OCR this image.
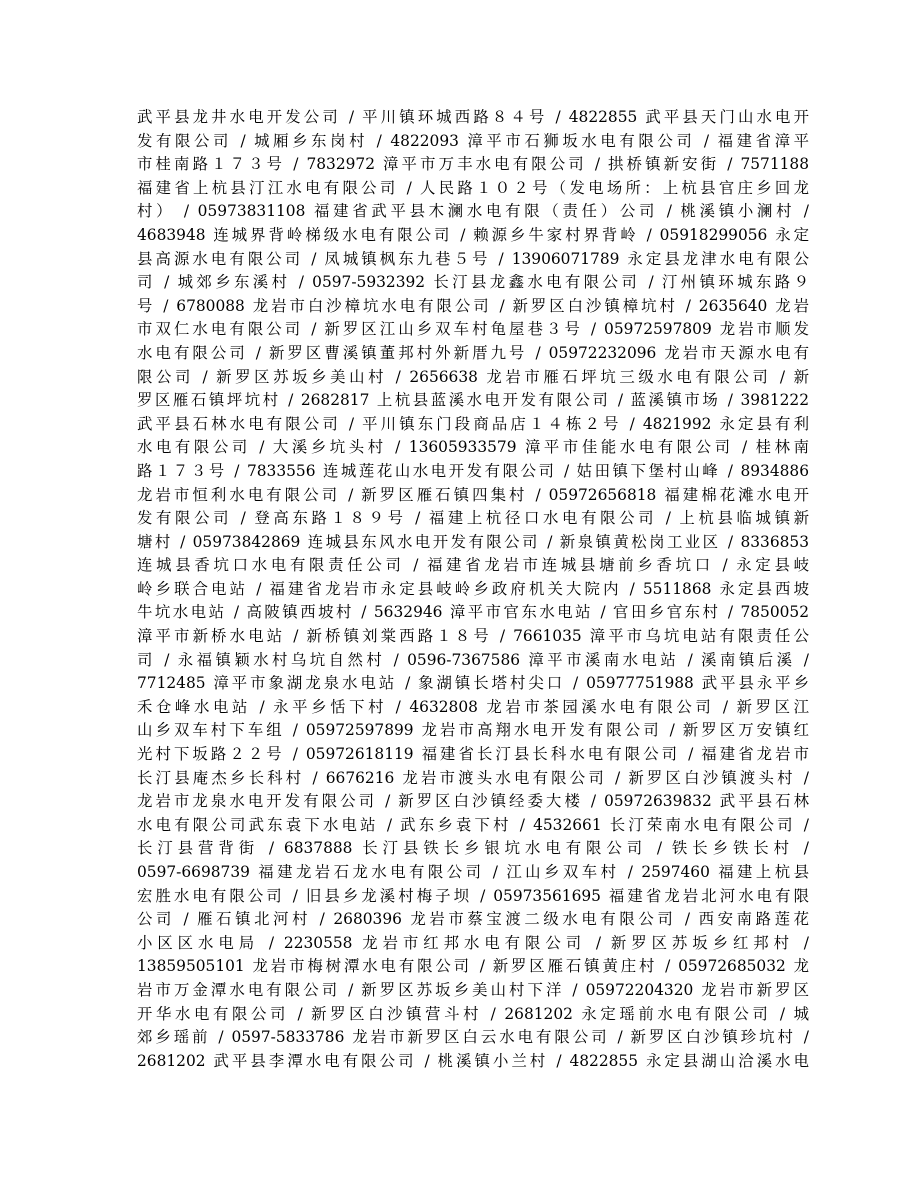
武平县龙井水电开发公司 / 平川镇环城西路８４号 / 4822855 武平县天门山水电开
发有限公司 / 城厢乡东岗村 / 4822093 漳平市石狮坂水电有限公司 / 福建省漳平
市桂南路１７３号 / 7832972 漳平市万丰水电有限公司 / 拱桥镇新安街 / 7571188
福建省上杭县汀江水电有限公司 / 人民路１０２号（发电场所：上杭县官庄乡回龙
村） / 05973831108 福建省武平县木澜水电有限（责任）公司 / 桃溪镇小澜村 /
4683948 连城界背岭梯级水电有限公司 / 赖源乡牛家村界背岭 / 05918299056 永定
县高源水电有限公司 / 凤城镇枫东九巷５号 / 13906071789 永定县龙津水电有限公
司 / 城郊乡东溪村 / 0597-5932392 长汀县龙鑫水电有限公司 / 汀州镇环城东路９
号 / 6780088 龙岩市白沙樟坑水电有限公司 / 新罗区白沙镇樟坑村 / 2635640 龙岩
市双仁水电有限公司 / 新罗区江山乡双车村龟屋巷３号 / 05972597809 龙岩市顺发
水电有限公司 / 新罗区曹溪镇董邦村外新厝九号 / 05972232096 龙岩市天源水电有
限公司 / 新罗区苏坂乡美山村 / 2656638 龙岩市雁石坪坑三级水电有限公司 / 新
罗区雁石镇坪坑村 / 2682817 上杭县蓝溪水电开发有限公司 / 蓝溪镇市场 / 3981222
武平县石林水电有限公司 / 平川镇东门段商品店１４栋２号 / 4821992 永定县有利
水电有限公司 / 大溪乡坑头村 / 13605933579 漳平市佳能水电有限公司 / 桂林南
路１７３号 / 7833556 连城莲花山水电开发有限公司 / 姑田镇下堡村山峰 / 8934886
龙岩市恒利水电有限公司 / 新罗区雁石镇四集村 / 05972656818 福建棉花滩水电开
发有限公司 / 登高东路１８９号 / 福建上杭径口水电有限公司 / 上杭县临城镇新
塘村 / 05973842869 连城县东风水电开发有限公司 / 新泉镇黄松岗工业区 / 8336853
连城县香坑口水电有限责任公司 / 福建省龙岩市连城县塘前乡香坑口 / 永定县岐
岭乡联合电站 / 福建省龙岩市永定县岐岭乡政府机关大院内 / 5511868 永定县西坡
牛坑水电站 / 高陂镇西坡村 / 5632946 漳平市官东水电站 / 官田乡官东村 / 7850052
漳平市新桥水电站 / 新桥镇刘棠西路１８号 / 7661035 漳平市乌坑电站有限责任公
司 / 永福镇颖水村乌坑自然村 / 0596-7367586 漳平市溪南水电站 / 溪南镇后溪 /
7712485 漳平市象湖龙泉水电站 / 象湖镇长塔村尖口 / 05977751988 武平县永平乡
禾仓峰水电站 / 永平乡恬下村 / 4632808 龙岩市茶园溪水电有限公司 / 新罗区江
山乡双车村下车组 / 05972597899 龙岩市高翔水电开发有限公司 / 新罗区万安镇红
光村下坂路２２号 / 05972618119 福建省长汀县长科水电有限公司 / 福建省龙岩市
长汀县庵杰乡长科村 / 6676216 龙岩市渡头水电有限公司 / 新罗区白沙镇渡头村 /
龙岩市龙泉水电开发有限公司 / 新罗区白沙镇经委大楼 / 05972639832 武平县石林
水电有限公司武东袁下水电站 / 武东乡袁下村 / 4532661 长汀荣南水电有限公司 /
长汀县营背街 / 6837888 长汀县铁长乡银坑水电有限公司 / 铁长乡铁长村 /
0597-6698739 福建龙岩石龙水电有限公司 / 江山乡双车村 / 2597460 福建上杭县
宏胜水电有限公司 / 旧县乡龙溪村梅子坝 / 05973561695 福建省龙岩北河水电有限
公司 / 雁石镇北河村 / 2680396 龙岩市蔡宝渡二级水电有限公司 / 西安南路莲花
小区区水电局 / 2230558 龙岩市红邦水电有限公司 / 新罗区苏坂乡红邦村 /
13859505101 龙岩市梅树潭水电有限公司 / 新罗区雁石镇黄庄村 / 05972685032 龙
岩市万金潭水电有限公司 / 新罗区苏坂乡美山村下洋 / 05972204320 龙岩市新罗区
开华水电有限公司 / 新罗区白沙镇营斗村 / 2681202 永定瑶前水电有限公司 / 城
郊乡瑶前 / 0597-5833786 龙岩市新罗区白云水电有限公司 / 新罗区白沙镇珍坑村 /
2681202 武平县李潭水电有限公司 / 桃溪镇小兰村 / 4822855 永定县湖山洽溪水电
